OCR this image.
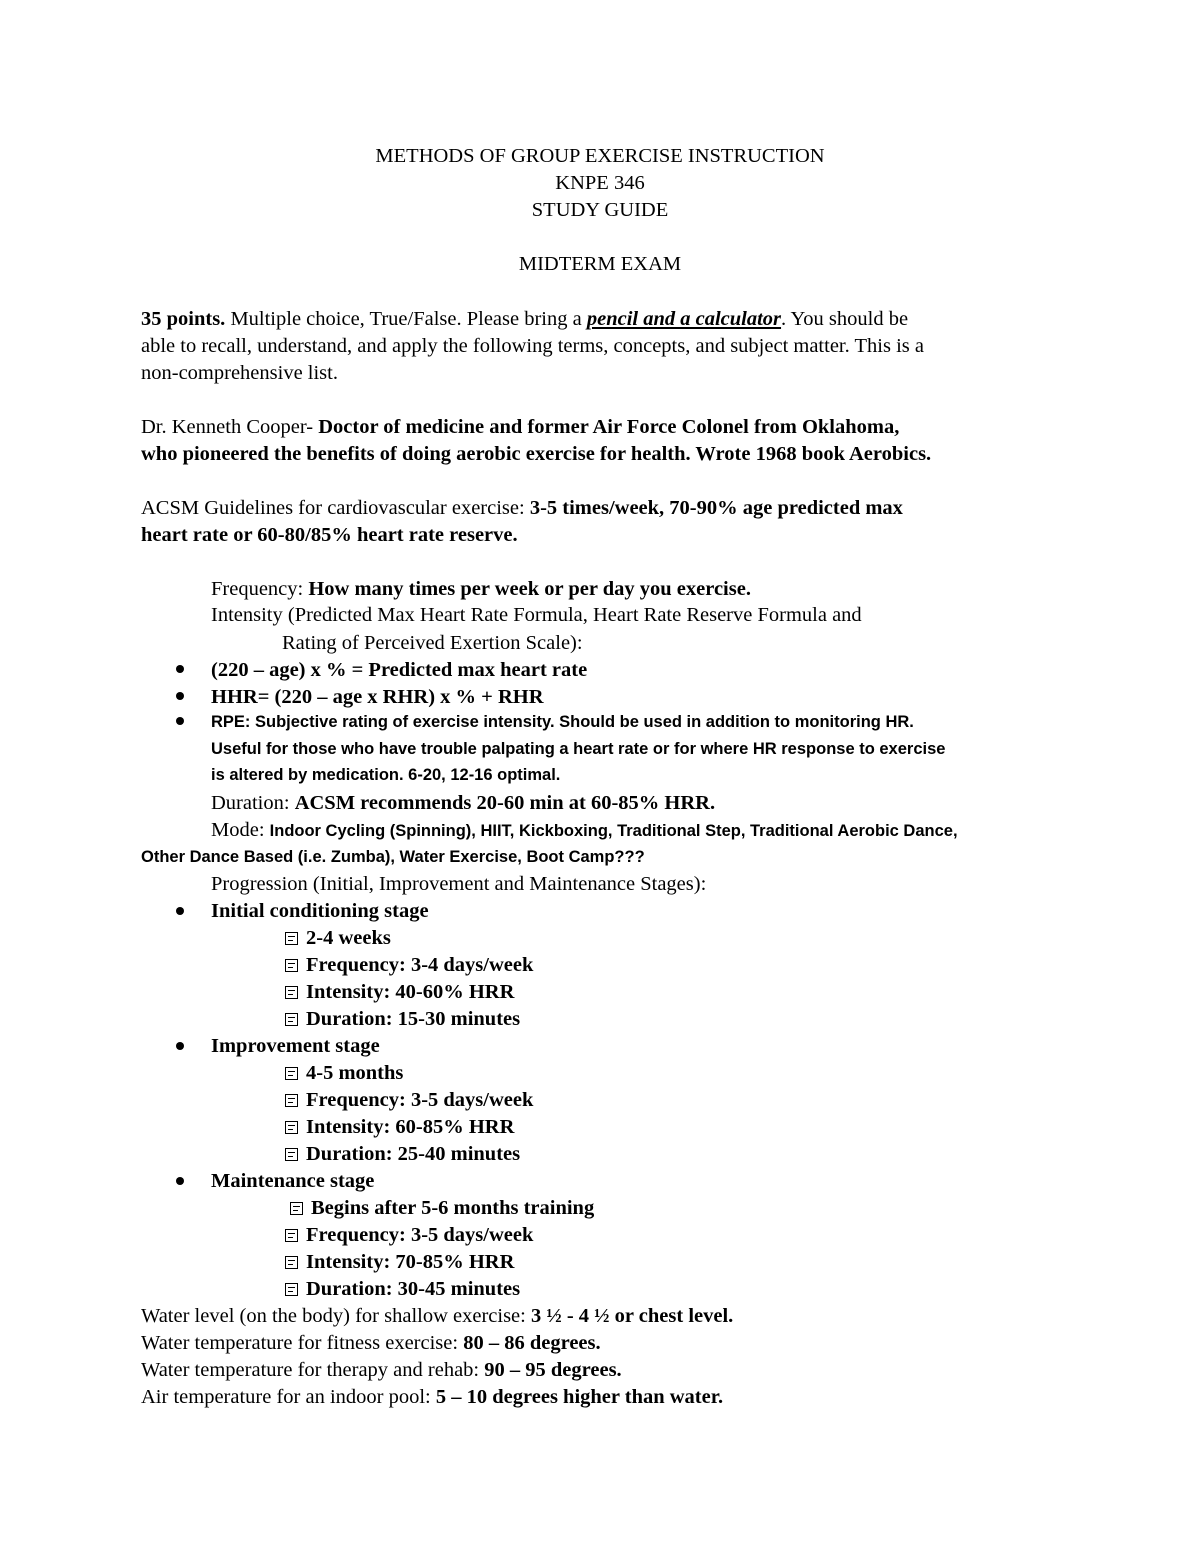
METHODS OF GROUP EXERCISE INSTRUCTION
KNPE 346
STUDY GUIDE
MIDTERM EXAM
35 points. Multiple choice, True/False. Please bring a pencil and a calculator. You should be
able to recall, understand, and apply the following terms, concepts, and subject matter. This is a
non-comprehensive list.
Dr. Kenneth Cooper- Doctor of medicine and former Air Force Colonel from Oklahoma,
who pioneered the benefits of doing aerobic exercise for health. Wrote 1968 book Aerobics.
ACSM Guidelines for cardiovascular exercise: 3-5 times/week, 70-90% age predicted max
heart rate or 60-80/85% heart rate reserve.
Frequency: How many times per week or per day you exercise.
Intensity (Predicted Max Heart Rate Formula, Heart Rate Reserve Formula and
Rating of Perceived Exertion Scale):
(220 – age) x % = Predicted max heart rate
HHR= (220 – age x RHR) x % + RHR
RPE: Subjective rating of exercise intensity. Should be used in addition to monitoring HR.
Useful for those who have trouble palpating a heart rate or for where HR response to exercise
is altered by medication. 6-20, 12-16 optimal.
Duration: ACSM recommends 20-60 min at 60-85% HRR.
Mode: Indoor Cycling (Spinning), HIIT, Kickboxing, Traditional Step, Traditional Aerobic Dance,
Other Dance Based (i.e. Zumba), Water Exercise, Boot Camp???
Progression (Initial, Improvement and Maintenance Stages):
Initial conditioning stage
2-4 weeks
Frequency: 3-4 days/week
Intensity: 40-60% HRR
Duration: 15-30 minutes
Improvement stage
4-5 months
Frequency: 3-5 days/week
Intensity: 60-85% HRR
Duration: 25-40 minutes
Maintenance stage
Begins after 5-6 months training
Frequency: 3-5 days/week
Intensity: 70-85% HRR
Duration: 30-45 minutes
Water level (on the body) for shallow exercise: 3 ½ - 4 ½ or chest level.
Water temperature for fitness exercise: 80 – 86 degrees.
Water temperature for therapy and rehab: 90 – 95 degrees.
Air temperature for an indoor pool: 5 – 10 degrees higher than water.
